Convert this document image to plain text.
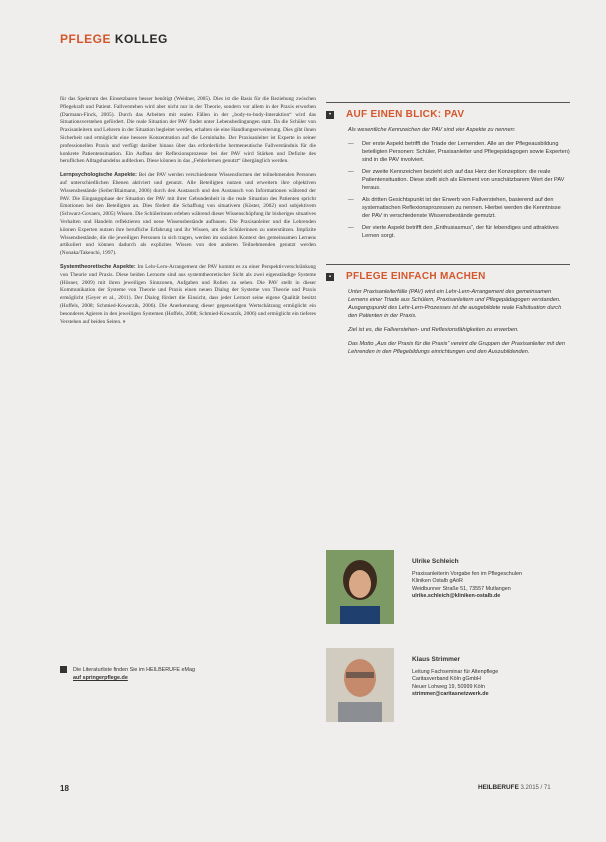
PFLEGE KOLLEG

für das Spektrum des Einsetzbaren besser benötigt (Weidner, 2005). Dies ist die Basis für die Beziehung zwischen Pflegekraft und Patient. Fallverstehen wird aber nicht nur in der Theorie, sondern vor allem in der Praxis erworben (Darmann-Finck, 2005). Durch das Arbeiten mit realen Fällen in der „body-to-body-Interaktion“ wird das Situationsverstehen gefördert. Die reale Situation der PAV findet unter Lebensbedingungen statt. Da die Schüler von Praxisanleitern und Lehrern in der Situation begleitet werden, erhalten sie eine Handlungserweiterung. Dies gibt ihnen Sicherheit und ermöglicht eine bessere Konzentration auf die Lerninhalte. Der Praxisanleiter ist Experte in seiner professionellen Praxis und verfügt darüber hinaus über das erforderliche hermeneutische Fallverständnis für die konkrete Patientensituation. Ein Aufbau der Reflexionsprozesse bei der PAV wird Stärken und Defizite des beruflichen Alltagshandelns aufdecken. Diese können in das „Fehlerlernen genutzt“ übergänglich werden.

Lernpsychologische Aspekte: Bei der PAV werden verschiedenste Wissensformen der teilnehmenden Personen auf unterschiedlichen Ebenen aktiviert und genutzt. Alle Beteiligten nutzen und erweitern ihre objektiven Wissensbestände (Seiler/Blaimann, 2006) durch den Austausch und den Austausch von Informationen während der PAV. Die Eingangsphase der Situation der PAV mit ihrer Gebundenheit in die reale Situation des Patienten spricht Emotionen bei den Beteiligten an. Dies fördert die Schaffung von situativem (Köster, 2002) und subjektivem (Schwarz-Govaers, 2005) Wissen. Die Schülerinnen erleben während dieser Wissenschöpfung ihr bisheriges situatives Verhalten und Handeln reflektieren und neue Wissensbestände aufbauen. Die Praxisanleiter und die Lehrenden können Experten nutzen ihre berufliche Erfahrung und ihr Wissen, um die Schülerinnen zu unterstützen. Implizite Wissensbestände, die die jeweiligen Personen in sich tragen, werden im sozialen Kontext des gemeinsamen Lernens artikuliert und können dadurch als explizites Wissen von den anderen Teilnehmenden genutzt werden (Nonaka/Takeuchi, 1997).

Systemtheoretische Aspekte: Im Lehr-Lern-Arrangement der PAV kommt es zu einer Perspektivverschränkung von Theorie und Praxis. Diese beiden Lernorte sind aus systemtheoretischer Sicht als zwei eigenständige Systeme (Hösner, 2009) mit ihren jeweiligen Sinnzonen, Aufgaben und Rollen zu sehen. Die PAV stellt in dieser Kommunikation der Systeme von Theorie und Praxis einen neuen Dialog der Systeme von Theorie und Praxis ermöglicht (Geyer et al., 2011). Der Dialog fördert die Einsicht, dass jeder Lernort seine eigene Qualität besitzt (Hoffels, 2008; Schmied-Kowarzik, 2006). Die Anerkennung dieser gegenseitigen Wertschätzung ermöglicht ein besonderes Agieren in den jeweiligen Systemen (Hoffels, 2008; Schmied-Kowarzik, 2006) und ermöglicht ein tieferes Verstehen auf beiden Seiten. »

Die Literaturliste finden Sie im HEILBERUFE eMag
auf springerpflege.de
• AUF EINEN BLICK: PAV

Als wesentliche Kennzeichen der PAV sind vier Aspekte zu nennen:

— Der erste Aspekt betrifft die Triade der Lernenden. Alle an der Pflegeausbildung beteiligten Personen: Schüler, Praxisanleiter und Pflegepädagogen sowie Experten) sind in die PAV involviert.
— Der zweite Kennzeichen bezieht sich auf das Herz der Konzeption: die reale Patientensituation. Diese stellt sich als Element von unschätzbarem Wert der PAV heraus.
— Als dritten Gesichtspunkt ist der Erwerb von Fallverstehen, basierend auf den systematischen Reflexionsprozessen zu nennen. Hierbei werden die Kenntnisse der PAV in verschiedenste Wissensbestände gemutzt.
— Der vierte Aspekt betrifft den „Enthusiasmus“, der für lebendiges und attraktives Lernen sorgt.
▪ PFLEGE EINFACH MACHEN

Unter Praxisanleiterfälle (PAV) wird ein Lehr-Lern-Arrangement des gemeinsamen Lernens einer Triade aus Schülern, Praxisanleitern und Pflegepädagogen verstanden. Ausgangspunkt des Lehr-Lern-Prozesses ist die ausgebildete reale Fallsituation durch den Patienten in der Praxis.

Ziel ist es, die Fallverstehen- und Reflexionsfähigkeiten zu erwerben.

Das Motto „Aus der Praxis für die Praxis“ vereint die Gruppen der Praxisanleiter mit den Lehrenden in den Pflegebildungs einrichtungen und den Auszubildenden.

Ulrike Schleich
Praxisanleiterin Vorgabe fen im Pflegeschulen
Kliniken Ostalb gAöR
Weidbunner Straße 51, 73557 Mutlangen
ulrike.schleich@kliniken-ostalb.de
Klaus Strimmer
Leitung Fachseminar für Altenpflege
Caritasverband Köln gGmbH
Neuer Lohweg 19, 50999 Köln
strimmer@caritasnetzwerk.de
18	HEILBERUFE 3.2015 / 71
